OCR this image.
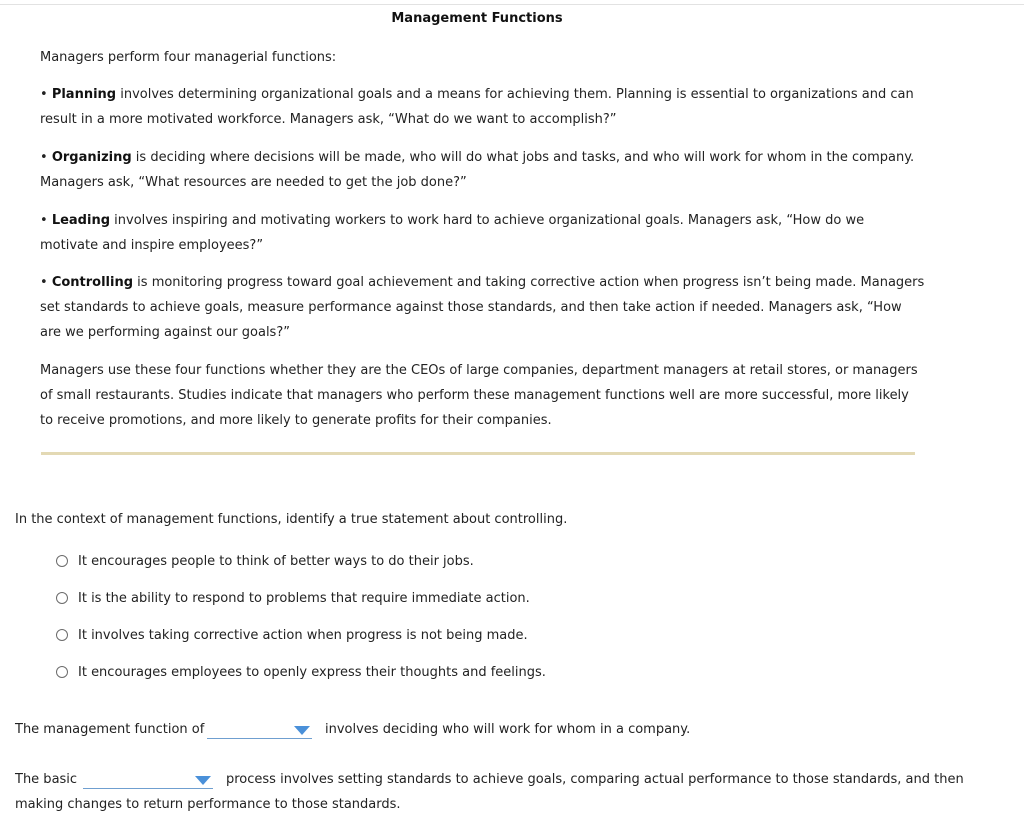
Management Functions

Managers perform four managerial functions:

• Planning involves determining organizational goals and a means for achieving them. Planning is essential to organizations and can result in a more motivated workforce. Managers ask, “What do we want to accomplish?”

• Organizing is deciding where decisions will be made, who will do what jobs and tasks, and who will work for whom in the company. Managers ask, “What resources are needed to get the job done?”

• Leading involves inspiring and motivating workers to work hard to achieve organizational goals. Managers ask, “How do we motivate and inspire employees?”

• Controlling is monitoring progress toward goal achievement and taking corrective action when progress isn’t being made. Managers set standards to achieve goals, measure performance against those standards, and then take action if needed. Managers ask, “How are we performing against our goals?”

Managers use these four functions whether they are the CEOs of large companies, department managers at retail stores, or managers of small restaurants. Studies indicate that managers who perform these management functions well are more successful, more likely to receive promotions, and more likely to generate profits for their companies.

In the context of management functions, identify a true statement about controlling.
It encourages people to think of better ways to do their jobs.
It is the ability to respond to problems that require immediate action.
It involves taking corrective action when progress is not being made.
It encourages employees to openly express their thoughts and feelings.
The management function of	involves deciding who will work for whom in a company.
The basic	process involves setting standards to achieve goals, comparing actual performance to those standards, and then
making changes to return performance to those standards.
